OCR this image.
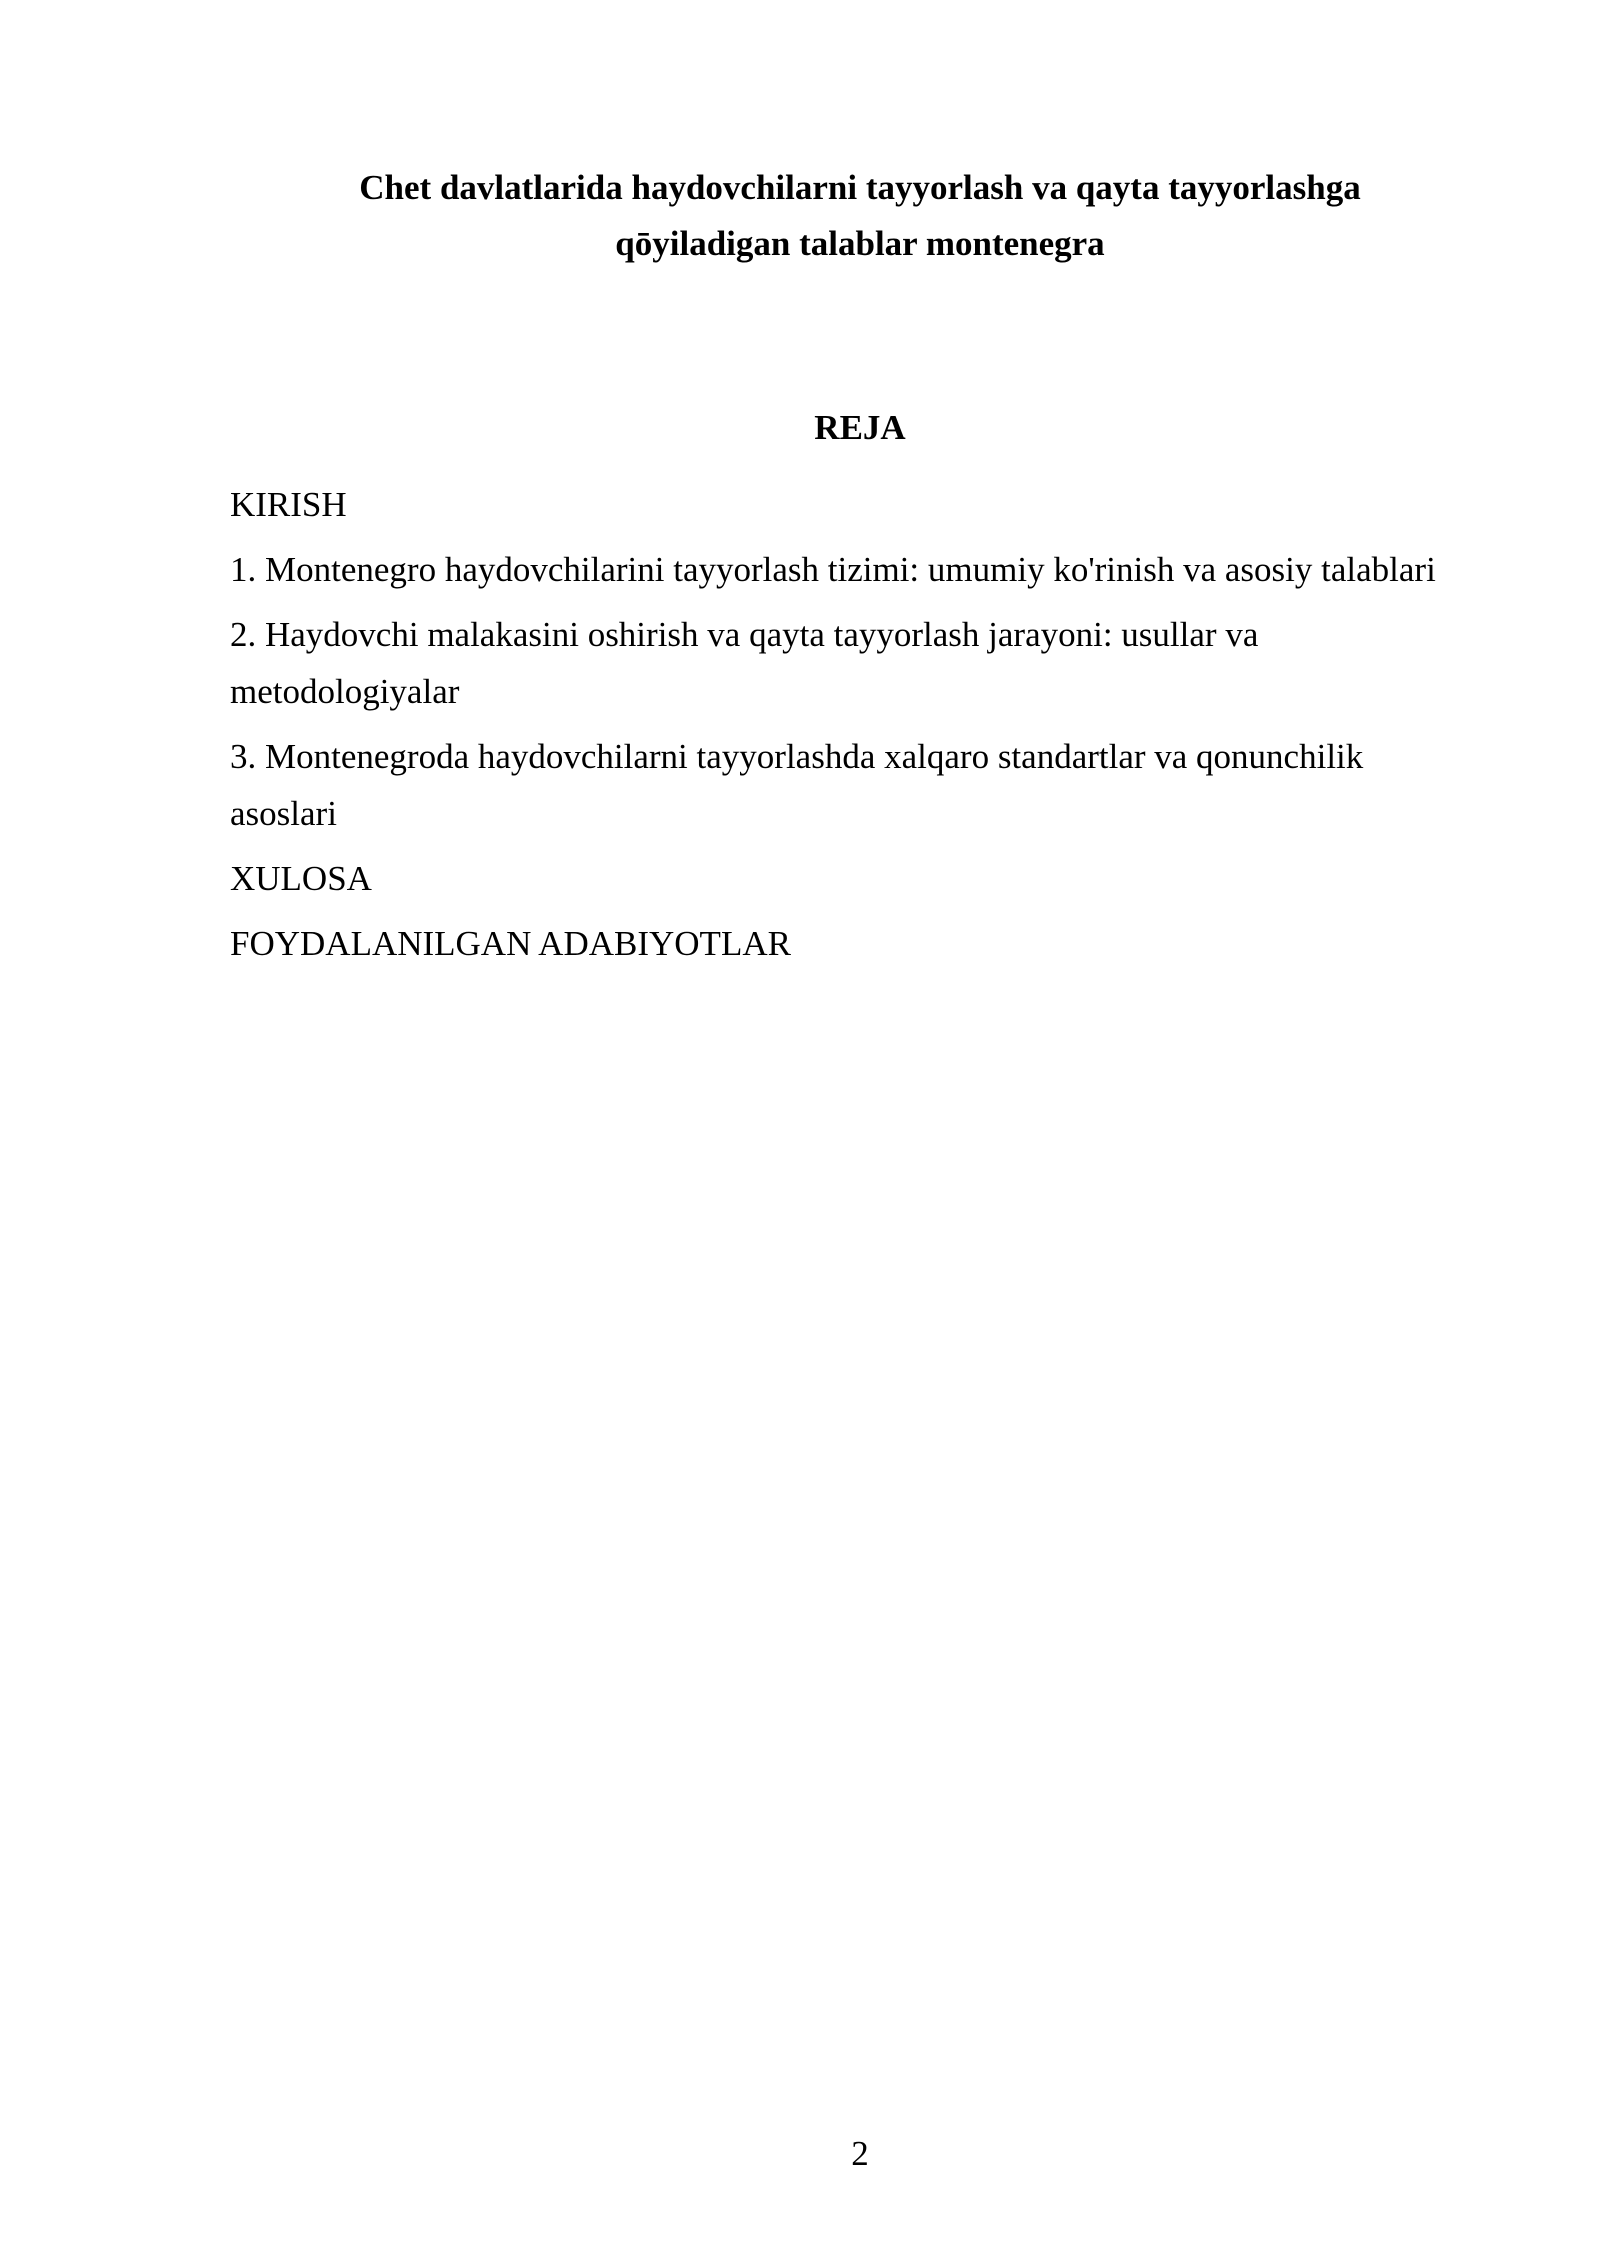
Chet davlatlarida haydovchilarni tayyorlash va qayta tayyorlashga
qōyiladigan talablar montenegra
REJA
KIRISH
1. Montenegro haydovchilarini tayyorlash tizimi: umumiy ko'rinish va asosiy talablari
2. Haydovchi malakasini oshirish va qayta tayyorlash jarayoni: usullar va metodologiyalar
3. Montenegroda haydovchilarni tayyorlashda xalqaro standartlar va qonunchilik asoslari
XULOSA
FOYDALANILGAN ADABIYOTLAR
2
